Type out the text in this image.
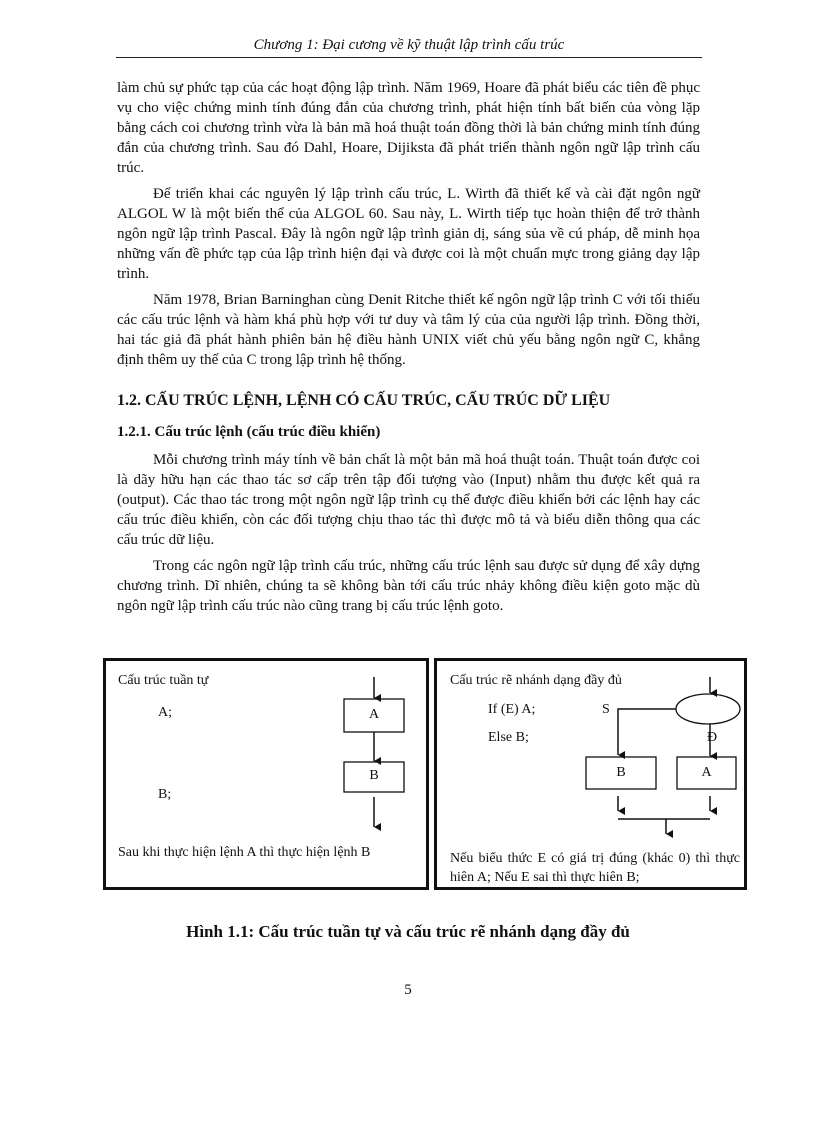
Chương 1: Đại cương về kỹ thuật lập trình cấu trúc

làm chủ sự phức tạp của các hoạt động lập trình. Năm 1969, Hoare đã phát biểu các tiên đề phục vụ cho việc chứng minh tính đúng đắn của chương trình, phát hiện tính bất biến của vòng lặp bằng cách coi chương trình vừa là bản mã hoá thuật toán đồng thời là bản chứng minh tính đúng đắn của chương trình. Sau đó Dahl, Hoare, Dijiksta đã phát triển thành ngôn ngữ lập trình cấu trúc.

Để triển khai các nguyên lý lập trình cấu trúc, L. Wirth đã thiết kế và cài đặt ngôn ngữ ALGOL W là một biến thể của ALGOL 60. Sau này, L. Wirth tiếp tục hoàn thiện để trở thành ngôn ngữ lập trình Pascal. Đây là ngôn ngữ lập trình giản dị, sáng sủa về cú pháp, dễ minh họa những vấn đề phức tạp của lập trình hiện đại và được coi là một chuẩn mực trong giảng dạy lập trình.

Năm 1978, Brian Barninghan cùng Denit Ritche thiết kế ngôn ngữ lập trình C với tối thiểu các cấu trúc lệnh và hàm khá phù hợp với tư duy và tâm lý của của người lập trình. Đồng thời, hai tác giả đã phát hành phiên bản hệ điều hành UNIX viết chủ yếu bằng ngôn ngữ C, khẳng định thêm uy thế của C trong lập trình hệ thống.

1.2. CẤU TRÚC LỆNH, LỆNH CÓ CẤU TRÚC, CẤU TRÚC DỮ LIỆU
1.2.1. Cấu trúc lệnh (cấu trúc điều khiển)

Mỗi chương trình máy tính về bản chất là một bản mã hoá thuật toán. Thuật toán được coi là dãy hữu hạn các thao tác sơ cấp trên tập đối tượng vào (Input) nhằm thu được kết quả ra (output). Các thao tác trong một ngôn ngữ lập trình cụ thể được điều khiển bởi các lệnh hay các cấu trúc điều khiển, còn các đối tượng chịu thao tác thì được mô tả và biểu diễn thông qua các cấu trúc dữ liệu.

Trong các ngôn ngữ lập trình cấu trúc, những cấu trúc lệnh sau được sử dụng để xây dựng chương trình. Dĩ nhiên, chúng ta sẽ không bàn tới cấu trúc nhảy không điều kiện goto mặc dù ngôn ngữ lập trình cấu trúc nào cũng trang bị cấu trúc lệnh goto.

Cấu trúc tuần tự
A;
B;
A
B
Sau khi thực hiện lệnh A thì thực hiện lệnh B
Cấu trúc rẽ nhánh dạng đầy đủ
If (E) A;
Else B;
S
Đ
B	A
Nếu biểu thức E có giá trị đúng (khác 0) thì thực hiên A; Nếu E sai thì thực hiên B;
Hình 1.1: Cấu trúc tuần tự và cấu trúc rẽ nhánh dạng đầy đủ
5
